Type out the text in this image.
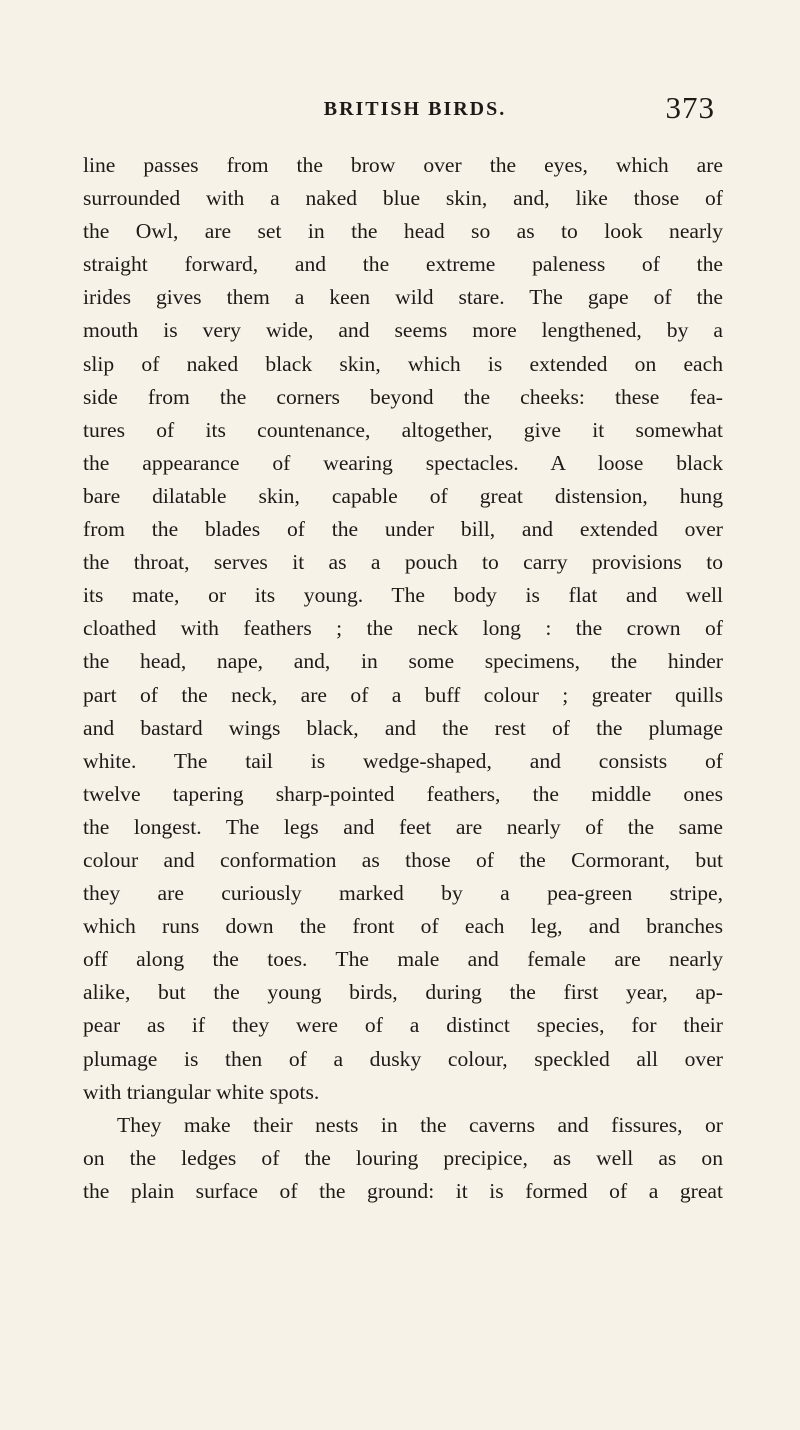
BRITISH BIRDS.	373
line passes from the brow over the eyes, which are
surrounded with a naked blue skin, and, like those of
the Owl, are set in the head so as to look nearly
straight forward, and the extreme paleness of the
irides gives them a keen wild stare. The gape of the
mouth is very wide, and seems more lengthened, by a
slip of naked black skin, which is extended on each
side from the corners beyond the cheeks: these fea-
tures of its countenance, altogether, give it somewhat
the appearance of wearing spectacles. A loose black
bare dilatable skin, capable of great distension, hung
from the blades of the under bill, and extended over
the throat, serves it as a pouch to carry provisions to
its mate, or its young. The body is flat and well
cloathed with feathers ; the neck long : the crown of
the head, nape, and, in some specimens, the hinder
part of the neck, are of a buff colour ; greater quills
and bastard wings black, and the rest of the plumage
white. The tail is wedge-shaped, and consists of
twelve tapering sharp-pointed feathers, the middle ones
the longest. The legs and feet are nearly of the same
colour and conformation as those of the Cormorant, but
they are curiously marked by a pea-green stripe,
which runs down the front of each leg, and branches
off along the toes. The male and female are nearly
alike, but the young birds, during the first year, ap-
pear as if they were of a distinct species, for their
plumage is then of a dusky colour, speckled all over
with triangular white spots.
They make their nests in the caverns and fissures, or
on the ledges of the louring precipice, as well as on
the plain surface of the ground: it is formed of a great
